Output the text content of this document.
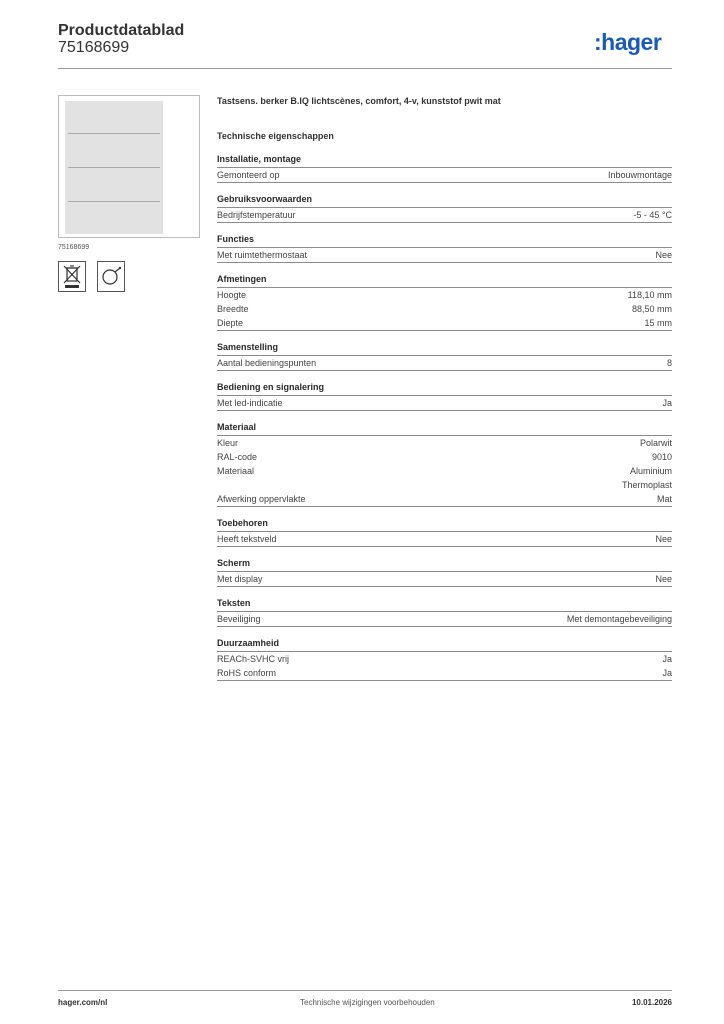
Productdatablad
75168699	:hager
75168699
Tastsens. berker B.IQ lichtscènes, comfort, 4-v, kunststof pwit mat
Technische eigenschappen
Installatie, montage
Gemonteerd op	Inbouwmontage
Gebruiksvoorwaarden
Bedrijfstemperatuur	-5 - 45 °C
Functies
Met ruimtethermostaat	Nee
Afmetingen
Hoogte	118,10 mm
Breedte	88,50 mm
Diepte	15 mm
Samenstelling
Aantal bedieningspunten	8
Bediening en signalering
Met led-indicatie	Ja
Materiaal
Kleur	Polarwit
RAL-code	9010
Materiaal	Aluminium
Thermoplast
Afwerking oppervlakte	Mat
Toebehoren
Heeft tekstveld	Nee
Scherm
Met display	Nee
Teksten
Beveiliging	Met demontagebeveiliging
Duurzaamheid
REACh-SVHC vrij	Ja
RoHS conform	Ja
hager.com/nl	Technische wijzigingen voorbehouden	10.01.2026
